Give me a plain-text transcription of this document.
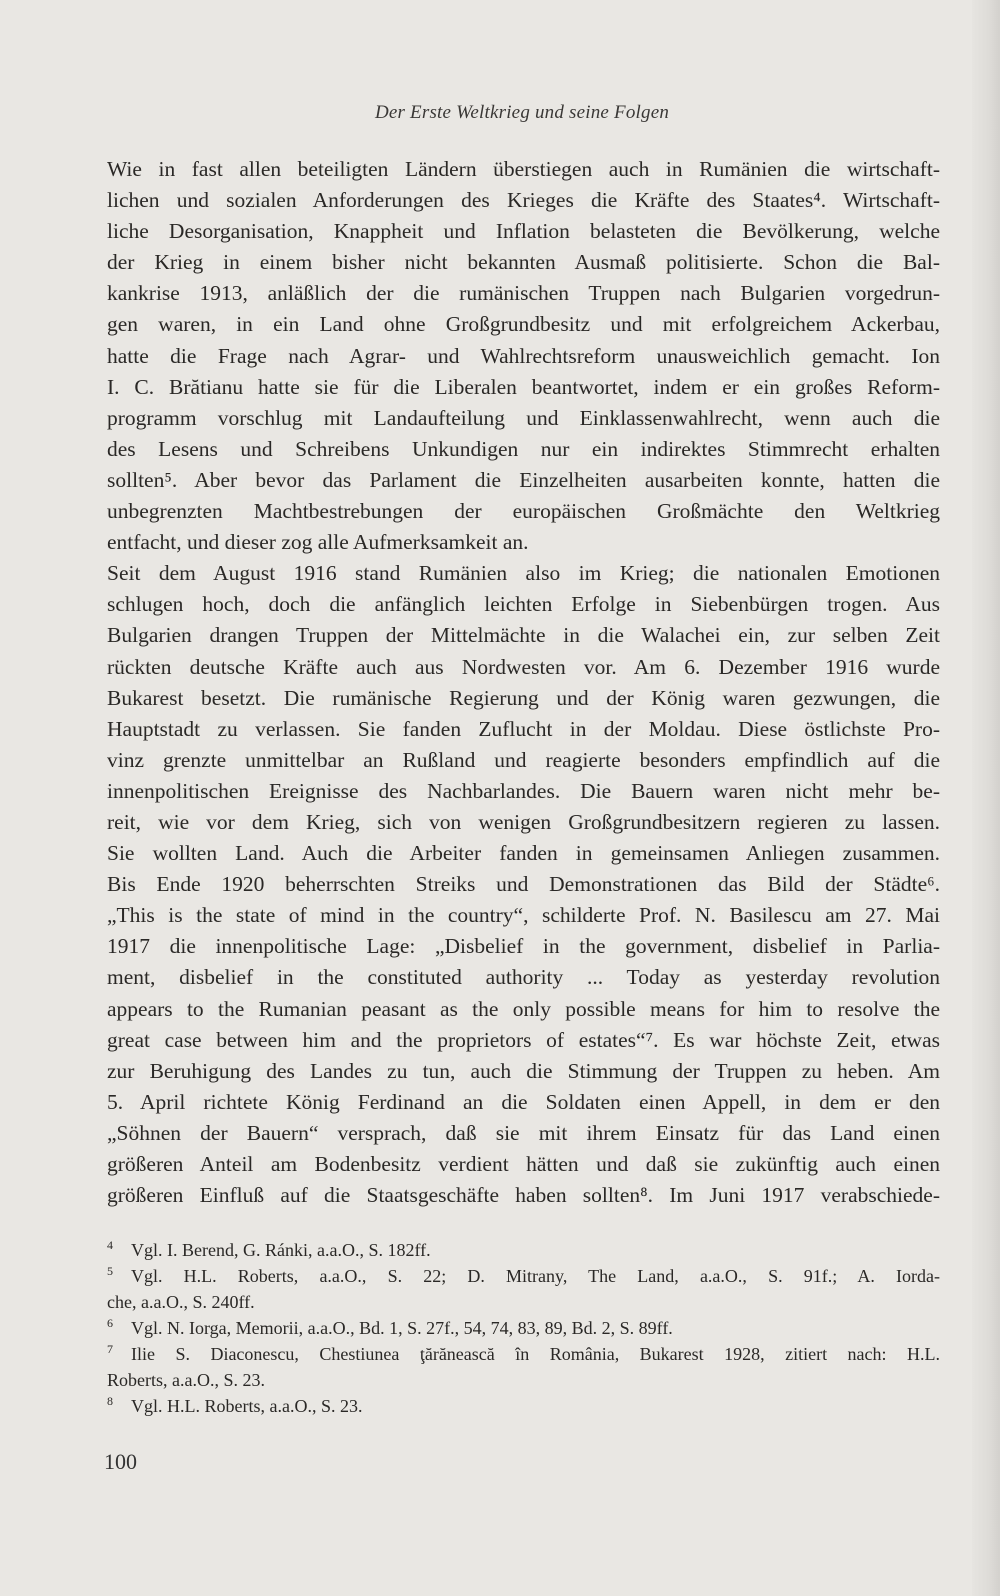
Der Erste Weltkrieg und seine Folgen
Wie in fast allen beteiligten Ländern überstiegen auch in Rumänien die wirtschaft-
lichen und sozialen Anforderungen des Krieges die Kräfte des Staates⁴. Wirtschaft-
liche Desorganisation, Knappheit und Inflation belasteten die Bevölkerung, welche
der Krieg in einem bisher nicht bekannten Ausmaß politisierte. Schon die Bal-
kankrise 1913, anläßlich der die rumänischen Truppen nach Bulgarien vorgedrun-
gen waren, in ein Land ohne Großgrundbesitz und mit erfolgreichem Ackerbau,
hatte die Frage nach Agrar- und Wahlrechtsreform unausweichlich gemacht. Ion
I. C. Brătianu hatte sie für die Liberalen beantwortet, indem er ein großes Reform-
programm vorschlug mit Landaufteilung und Einklassenwahlrecht, wenn auch die
des Lesens und Schreibens Unkundigen nur ein indirektes Stimmrecht erhalten
sollten⁵. Aber bevor das Parlament die Einzelheiten ausarbeiten konnte, hatten die
unbegrenzten Machtbestrebungen der europäischen Großmächte den Weltkrieg
entfacht, und dieser zog alle Aufmerksamkeit an.
Seit dem August 1916 stand Rumänien also im Krieg; die nationalen Emotionen
schlugen hoch, doch die anfänglich leichten Erfolge in Siebenbürgen trogen. Aus
Bulgarien drangen Truppen der Mittelmächte in die Walachei ein, zur selben Zeit
rückten deutsche Kräfte auch aus Nordwesten vor. Am 6. Dezember 1916 wurde
Bukarest besetzt. Die rumänische Regierung und der König waren gezwungen, die
Hauptstadt zu verlassen. Sie fanden Zuflucht in der Moldau. Diese östlichste Pro-
vinz grenzte unmittelbar an Rußland und reagierte besonders empfindlich auf die
innenpolitischen Ereignisse des Nachbarlandes. Die Bauern waren nicht mehr be-
reit, wie vor dem Krieg, sich von wenigen Großgrundbesitzern regieren zu lassen.
Sie wollten Land. Auch die Arbeiter fanden in gemeinsamen Anliegen zusammen.
Bis Ende 1920 beherrschten Streiks und Demonstrationen das Bild der Städte⁶.
„This is the state of mind in the country“, schilderte Prof. N. Basilescu am 27. Mai
1917 die innenpolitische Lage: „Disbelief in the government, disbelief in Parlia-
ment, disbelief in the constituted authority ... Today as yesterday revolution
appears to the Rumanian peasant as the only possible means for him to resolve the
great case between him and the proprietors of estates“⁷. Es war höchste Zeit, etwas
zur Beruhigung des Landes zu tun, auch die Stimmung der Truppen zu heben. Am
5. April richtete König Ferdinand an die Soldaten einen Appell, in dem er den
„Söhnen der Bauern“ versprach, daß sie mit ihrem Einsatz für das Land einen
größeren Anteil am Bodenbesitz verdient hätten und daß sie zukünftig auch einen
größeren Einfluß auf die Staatsgeschäfte haben sollten⁸. Im Juni 1917 verabschiede-
4 Vgl. I. Berend, G. Ránki, a.a.O., S. 182ff.
5 Vgl. H.L. Roberts, a.a.O., S. 22; D. Mitrany, The Land, a.a.O., S. 91f.; A. Iorda-
che, a.a.O., S. 240ff.
6 Vgl. N. Iorga, Memorii, a.a.O., Bd. 1, S. 27f., 54, 74, 83, 89, Bd. 2, S. 89ff.
7 Ilie S. Diaconescu, Chestiunea ţărănească în România, Bukarest 1928, zitiert nach: H.L.
Roberts, a.a.O., S. 23.
8 Vgl. H.L. Roberts, a.a.O., S. 23.
100
